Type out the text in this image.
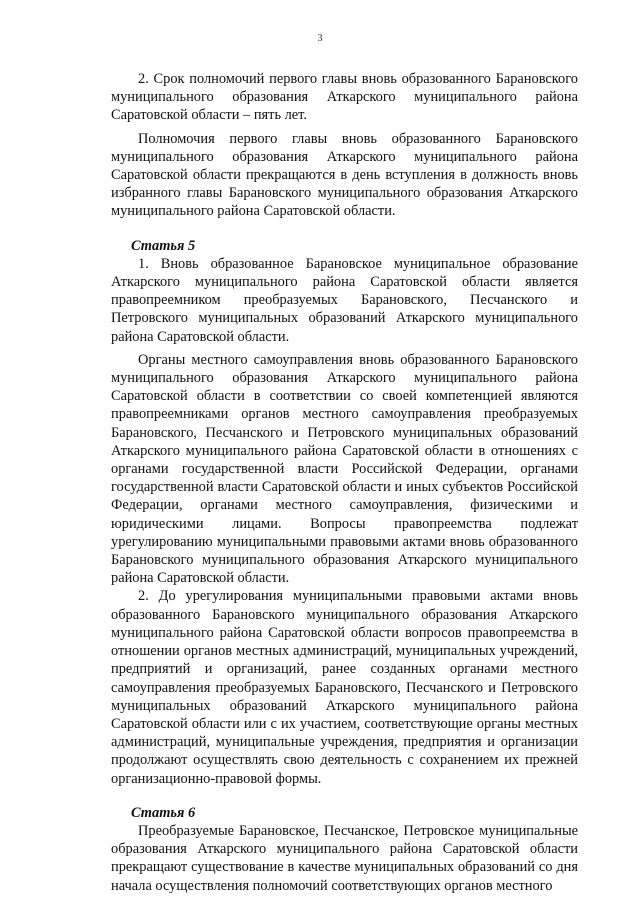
3

2. Срок полномочий первого главы вновь образованного Барановского муниципального образования Аткарского муниципального района Саратовской области – пять лет.

Полномочия первого главы вновь образованного Барановского муниципального образования Аткарского муниципального района Саратовской области прекращаются в день вступления в должность вновь избранного главы Барановского муниципального образования Аткарского муниципального района Саратовской области.

Статья 5

1. Вновь образованное Барановское муниципальное образование Аткарского муниципального района Саратовской области является правопреемником преобразуемых Барановского, Песчанского и Петровского муниципальных образований Аткарского муниципального района Саратовской области.

Органы местного самоуправления вновь образованного Барановского муниципального образования Аткарского муниципального района Саратовской области в соответствии со своей компетенцией являются правопреемниками органов местного самоуправления преобразуемых Барановского, Песчанского и Петровского муниципальных образований Аткарского муниципального района Саратовской области в отношениях с органами государственной власти Российской Федерации, органами государственной власти Саратовской области и иных субъектов Российской Федерации, органами местного самоуправления, физическими и юридическими лицами. Вопросы правопреемства подлежат урегулированию муниципальными правовыми актами вновь образованного Барановского муниципального образования Аткарского муниципального района Саратовской области.

2. До урегулирования муниципальными правовыми актами вновь образованного Барановского муниципального образования Аткарского муниципального района Саратовской области вопросов правопреемства в отношении органов местных администраций, муниципальных учреждений, предприятий и организаций, ранее созданных органами местного самоуправления преобразуемых Барановского, Песчанского и Петровского муниципальных образований Аткарского муниципального района Саратовской области или с их участием, соответствующие органы местных администраций, муниципальные учреждения, предприятия и организации продолжают осуществлять свою деятельность с сохранением их прежней организационно-правовой формы.

Статья 6

Преобразуемые Барановское, Песчанское, Петровское муниципальные образования Аткарского муниципального района Саратовской области прекращают существование в качестве муниципальных образований со дня начала осуществления полномочий соответствующих органов местного
